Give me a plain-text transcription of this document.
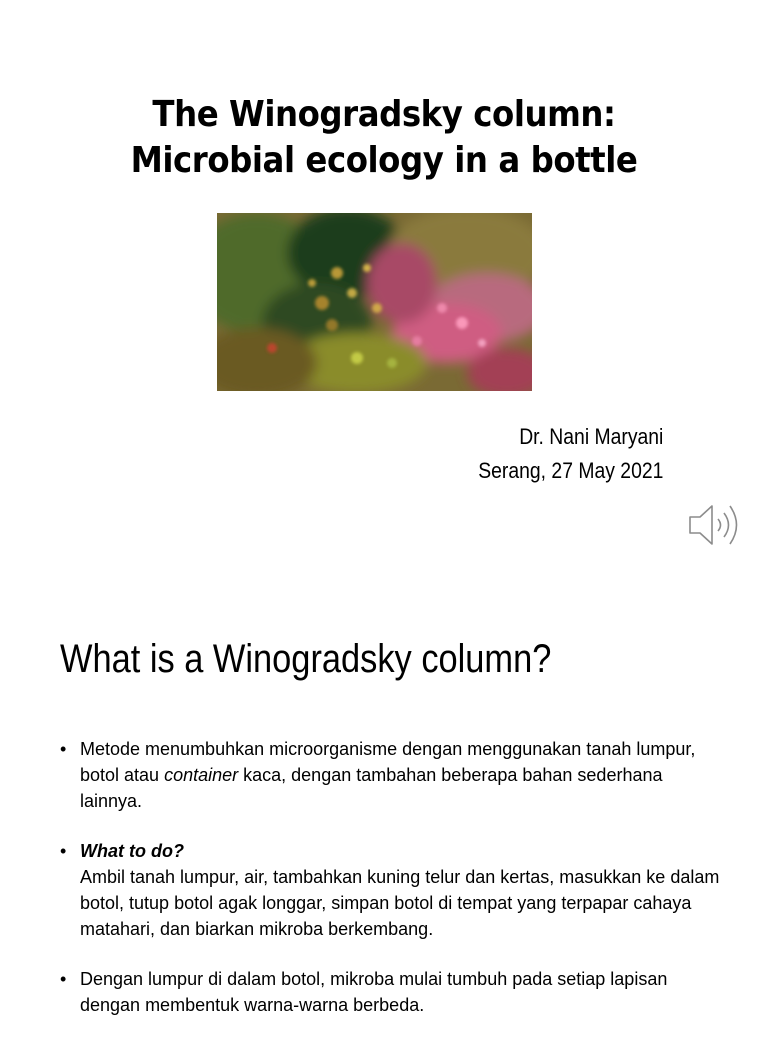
The Winogradsky column:
Microbial ecology in a bottle
Dr. Nani Maryani
Serang, 27 May 2021
What is a Winogradsky column?
• Metode menumbuhkan microorganisme dengan menggunakan tanah lumpur, botol atau container kaca, dengan tambahan beberapa bahan sederhana lainnya.

• What to do?

Ambil tanah lumpur, air, tambahkan kuning telur dan kertas, masukkan ke dalam botol, tutup botol agak longgar, simpan botol di tempat yang terpapar cahaya matahari, dan biarkan mikroba berkembang.

• Dengan lumpur di dalam botol, mikroba mulai tumbuh pada setiap lapisan dengan membentuk warna-warna berbeda.
